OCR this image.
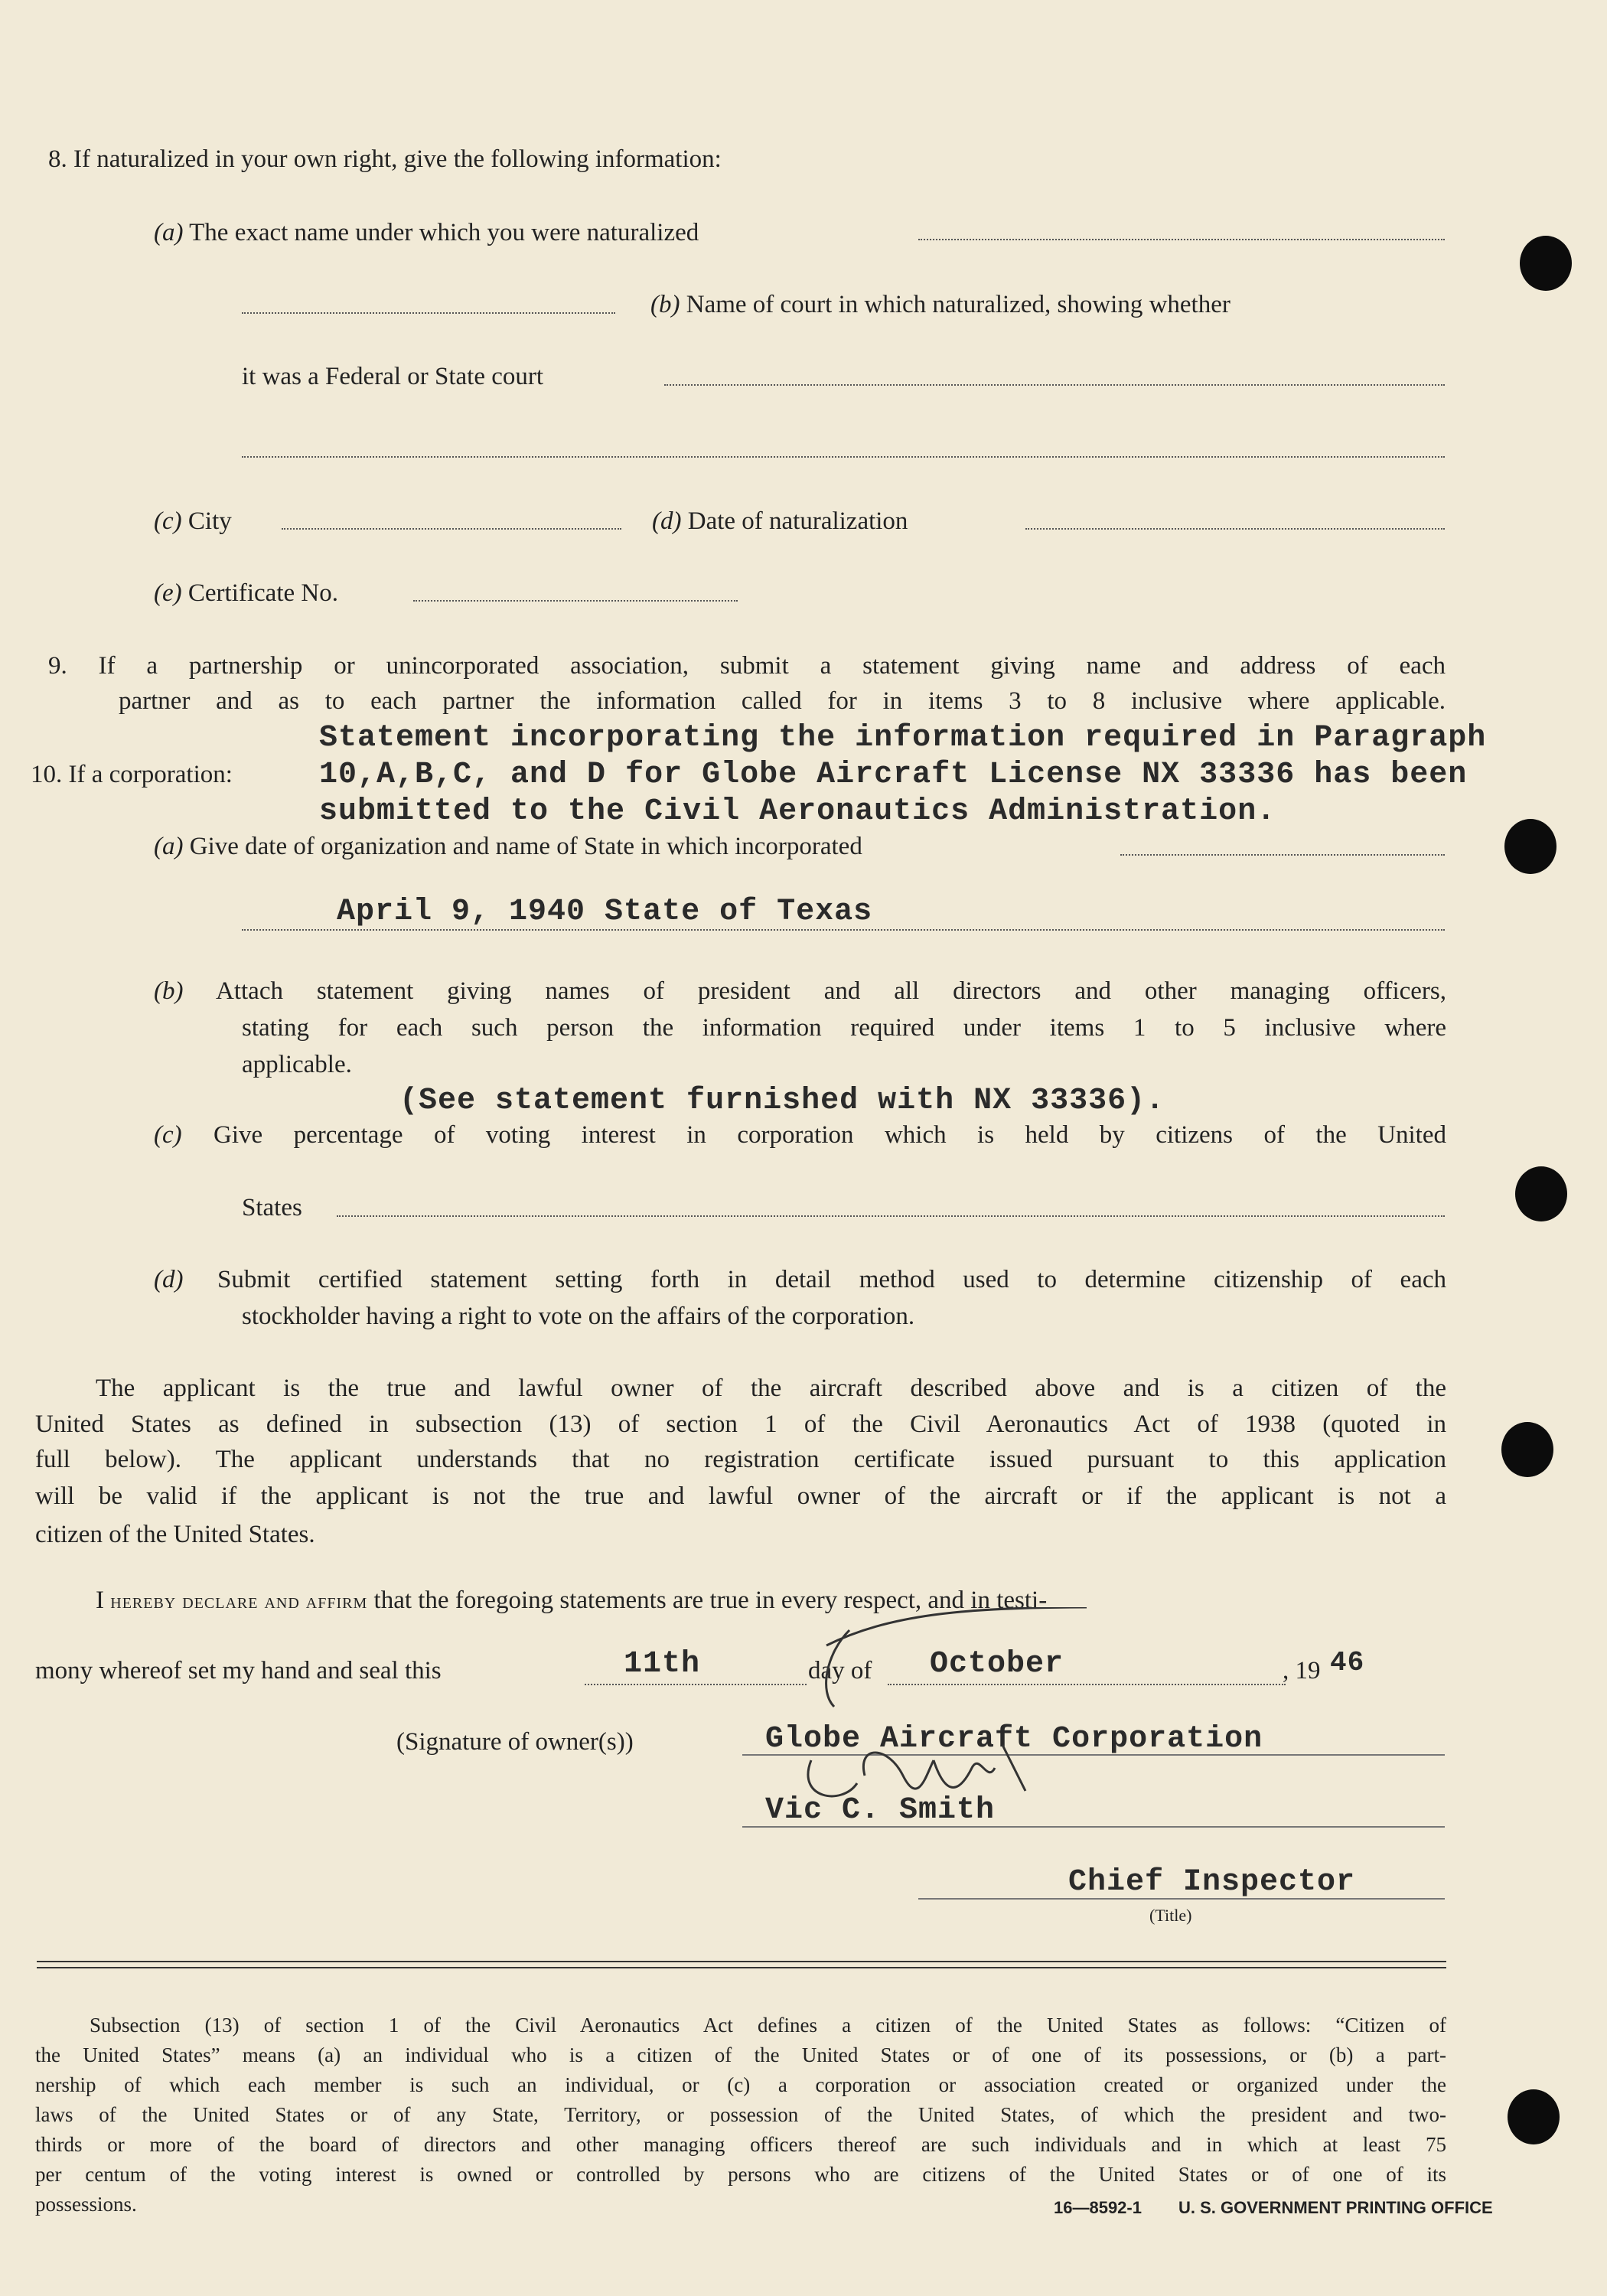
8. If naturalized in your own right, give the following information:
(a) The exact name under which you were naturalized
(b) Name of court in which naturalized, showing whether
it was a Federal or State court
(c) City	(d) Date of naturalization
(e) Certificate No.
9. If a partnership or unincorporated association, submit a statement giving name and address of each
partner and as to each partner the information called for in items 3 to 8 inclusive where applicable.
Statement incorporating the information required in Paragraph
10. If a corporation:	10,A,B,C, and D for Globe Aircraft License NX 33336 has been
submitted to the Civil Aeronautics Administration.
(a) Give date of organization and name of State in which incorporated
April 9, 1940 State of Texas
(b) Attach statement giving names of president and all directors and other managing officers,
stating for each such person the information required under items 1 to 5 inclusive where
applicable.
(See statement furnished with NX 33336).
(c) Give percentage of voting interest in corporation which is held by citizens of the United
States
(d) Submit certified statement setting forth in detail method used to determine citizenship of each
stockholder having a right to vote on the affairs of the corporation.
The applicant is the true and lawful owner of the aircraft described above and is a citizen of the
United States as defined in subsection (13) of section 1 of the Civil Aeronautics Act of 1938 (quoted in
full below). The applicant understands that no registration certificate issued pursuant to this application
will be valid if the applicant is not the true and lawful owner of the aircraft or if the applicant is not a
citizen of the United States.
I hereby declare and affirm that the foregoing statements are true in every respect, and in testi-
mony whereof set my hand and seal this	11th	day of October	, 19 46
(Signature of owner(s))	Globe Aircraft Corporation
Vic C. Smith
Chief Inspector
(Title)
Subsection (13) of section 1 of the Civil Aeronautics Act defines a citizen of the United States as follows: “Citizen of
the United States” means (a) an individual who is a citizen of the United States or of one of its possessions, or (b) a part-
nership of which each member is such an individual, or (c) a corporation or association created or organized under the
laws of the United States or of any State, Territory, or possession of the United States, of which the president and two-
thirds or more of the board of directors and other managing officers thereof are such individuals and in which at least 75
per centum of the voting interest is owned or controlled by persons who are citizens of the United States or of one of its
possessions.	16—8592-1 U. S. GOVERNMENT PRINTING OFFICE
